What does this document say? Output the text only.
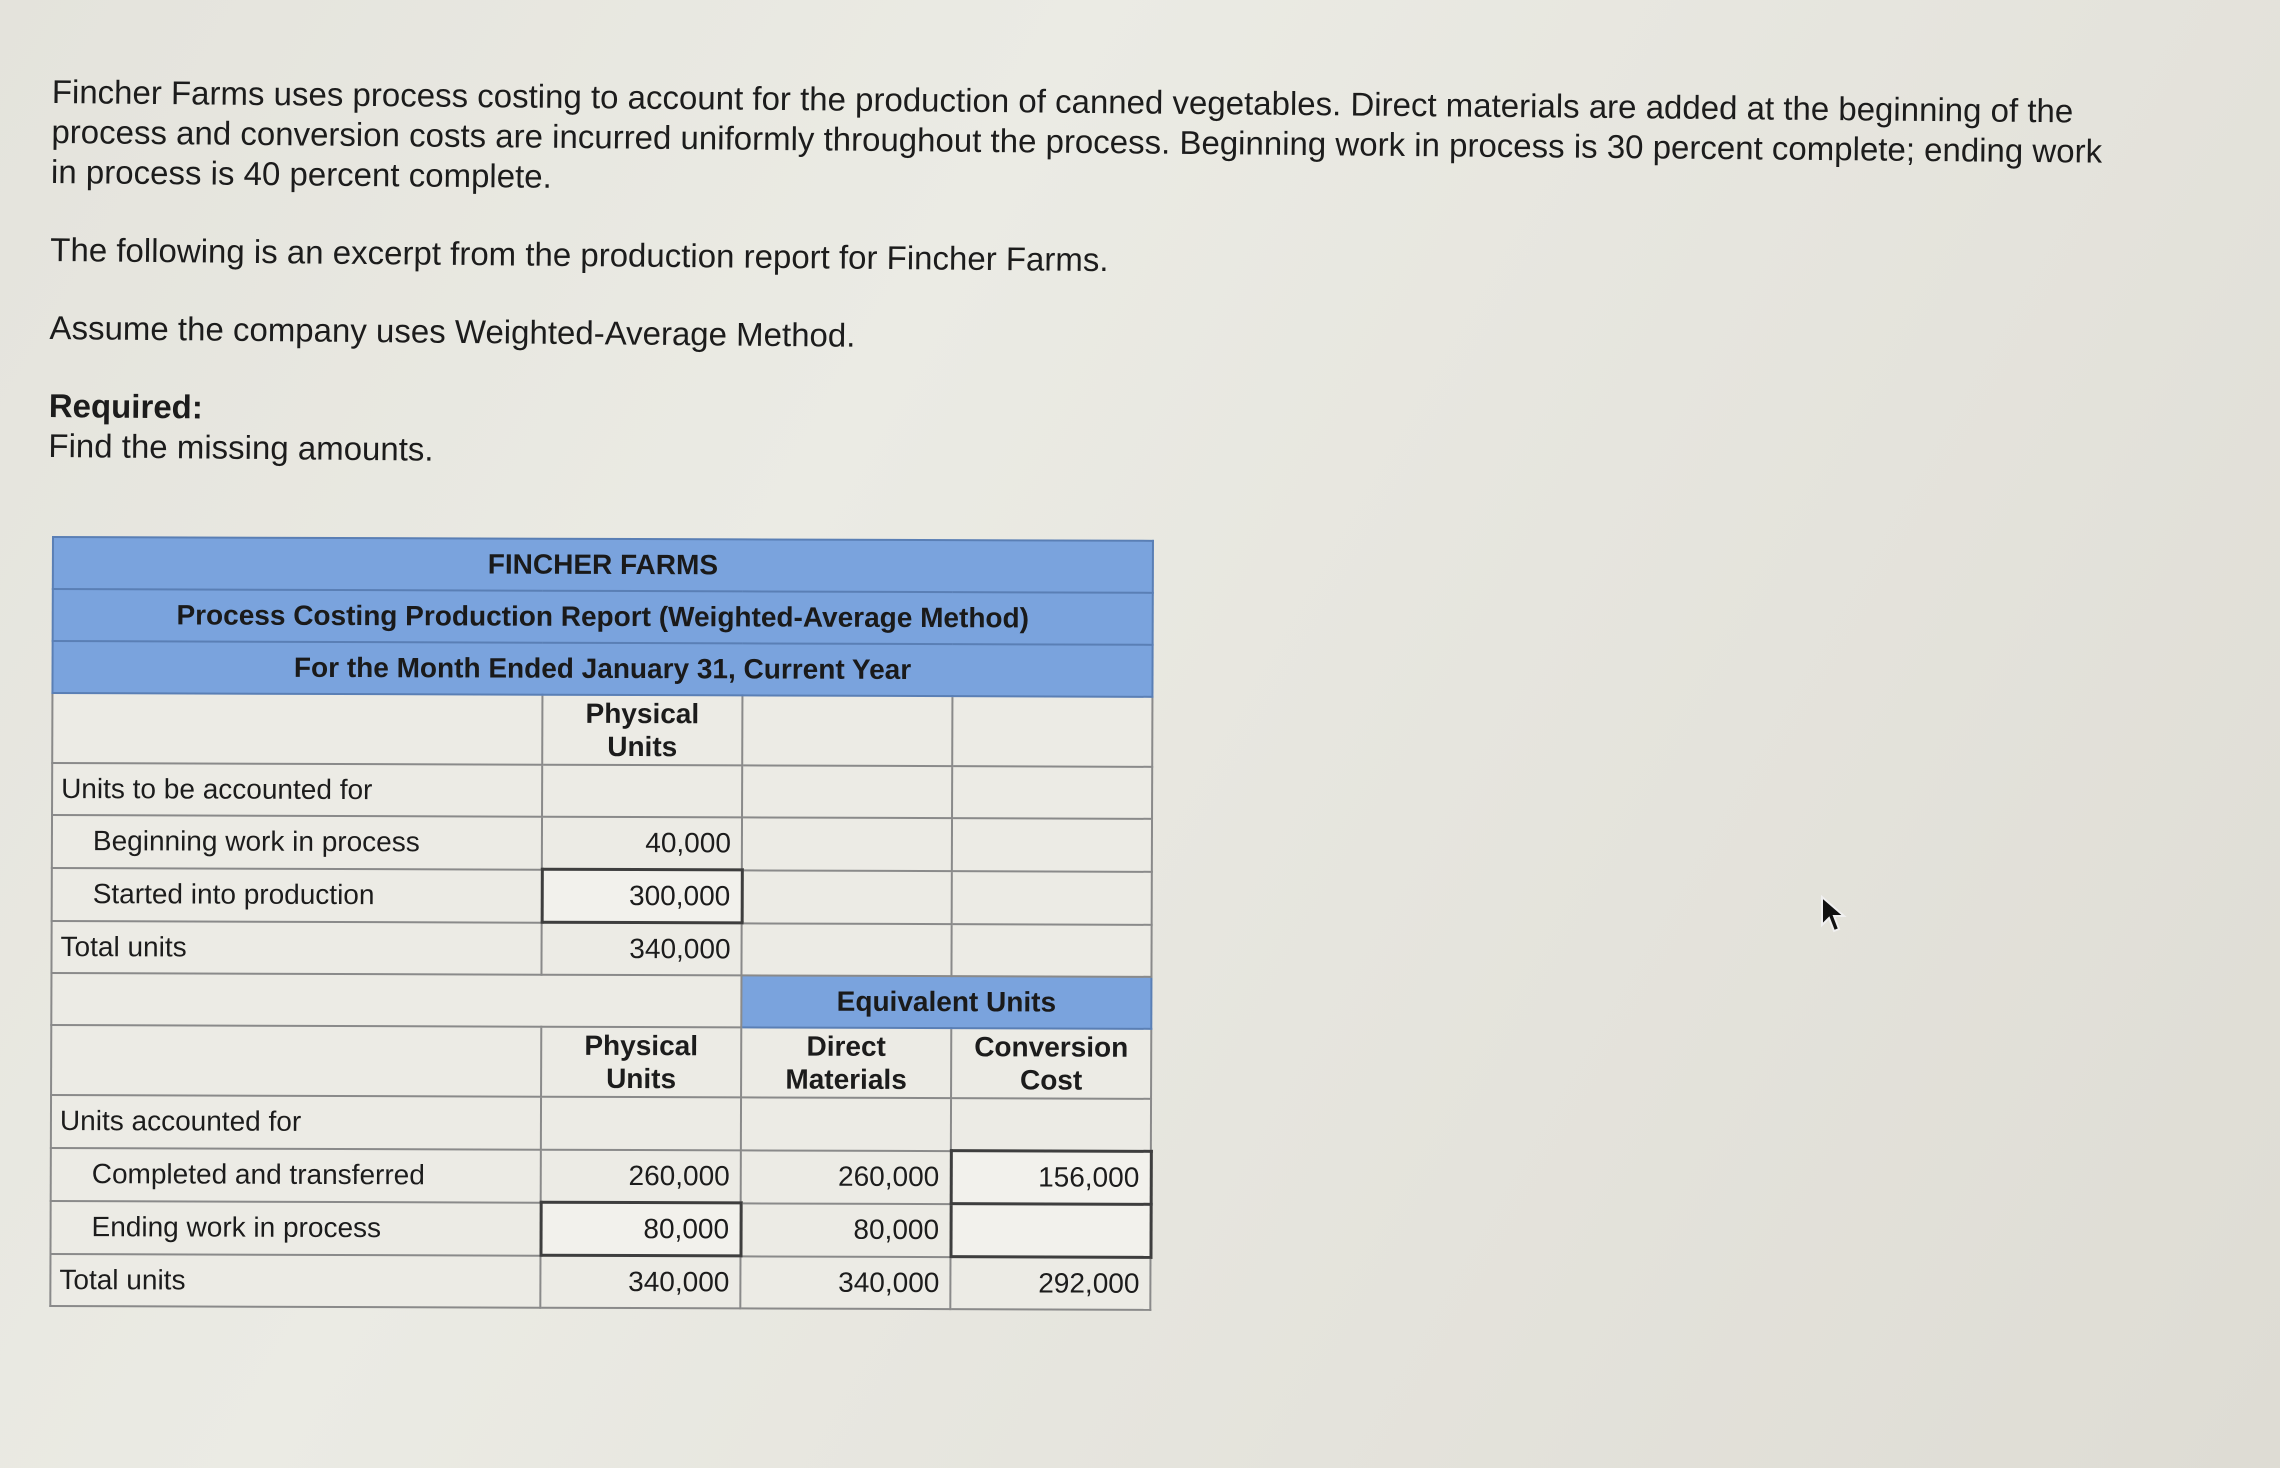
Fincher Farms uses process costing to account for the production of canned vegetables. Direct materials are added at the beginning of the process and conversion costs are incurred uniformly throughout the process. Beginning work in process is 30 percent complete; ending work in process is 40 percent complete.

The following is an excerpt from the production report for Fincher Farms.

Assume the company uses Weighted-Average Method.

Required:

Find the missing amounts.

FINCHER FARMS			
Process Costing Production Report (Weighted-Average Method)			
For the Month Ended January 31, Current Year			
	Physical Units		
Units to be accounted for			
Beginning work in process	40,000		
Started into production	300,000		
Total units	340,000		
		Equivalent Units	
	Physical Units	Direct Materials	Conversion Cost
Units accounted for			
Completed and transferred	260,000	260,000	156,000
Ending work in process	80,000	80,000	
Total units	340,000	340,000	292,000
